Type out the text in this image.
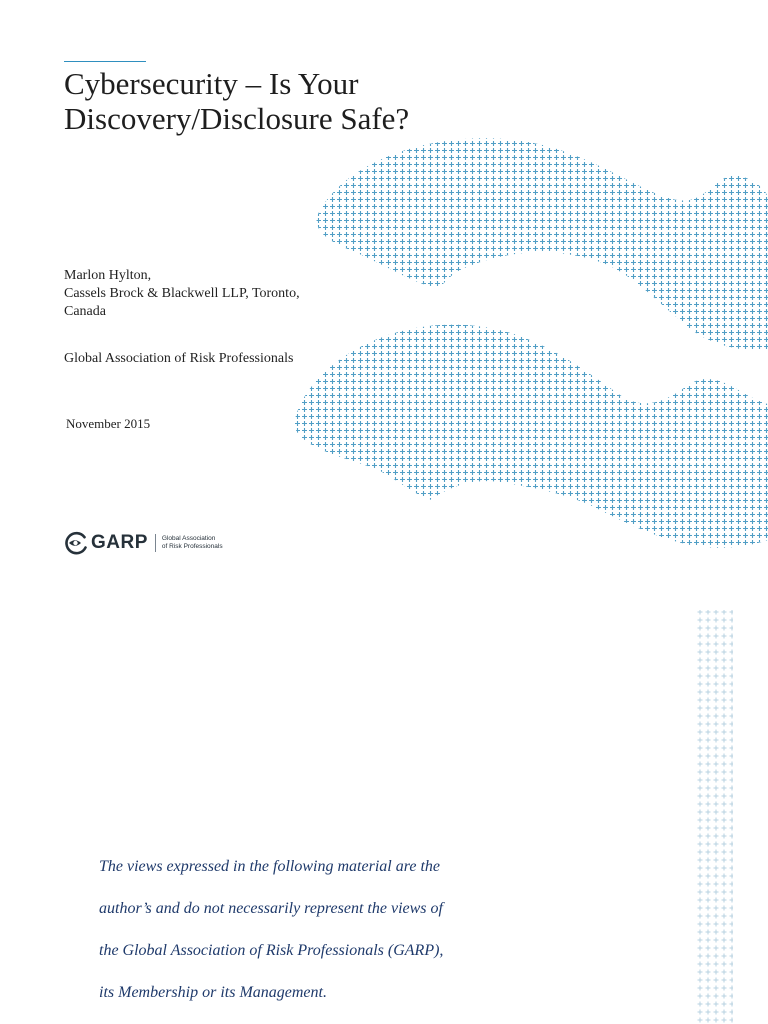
Cybersecurity – Is Your
Discovery/Disclosure Safe?
Marlon Hylton,
Cassels Brock & Blackwell LLP, Toronto,
Canada
Global Association of Risk Professionals
November 2015
GARP Global Association
of Risk Professionals
The views expressed in the following material are the
author’s and do not necessarily represent the views of
the Global Association of Risk Professionals (GARP),
its Membership or its Management.
